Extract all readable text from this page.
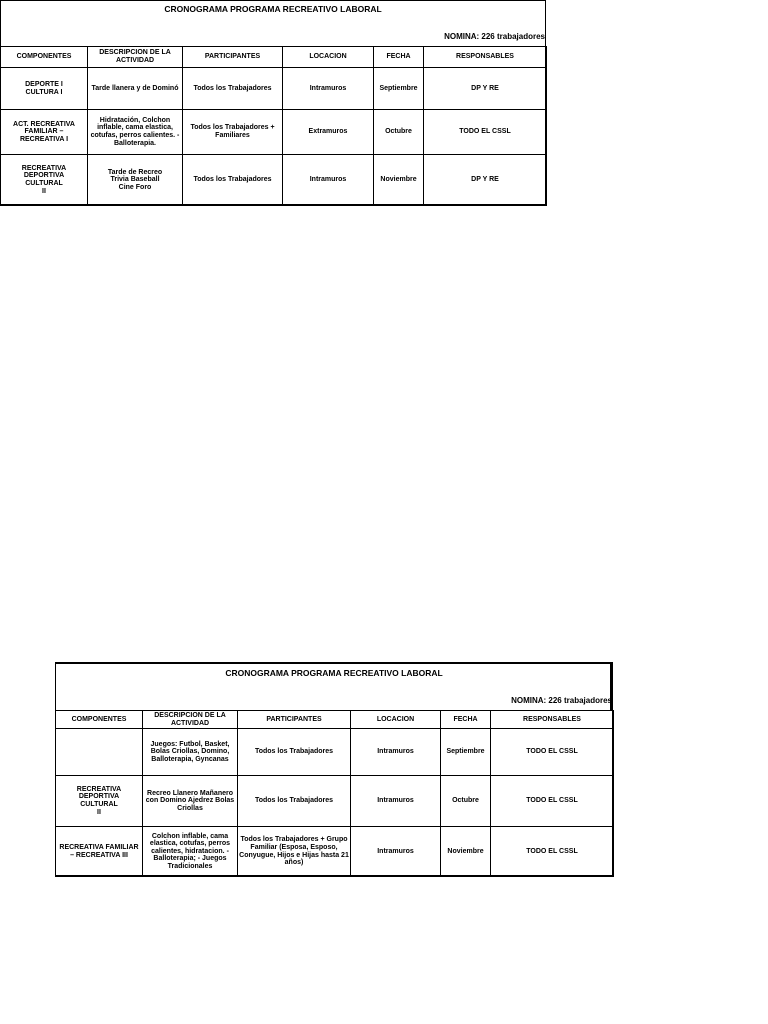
CRONOGRAMA PROGRAMA RECREATIVO LABORAL
NOMINA: 226 trabajadores
COMPONENTES	DESCRIPCION DE LA
ACTIVIDAD	PARTICIPANTES	LOCACION	FECHA	RESPONSABLES
DEPORTE I
CULTURA I	Tarde llanera y de Dominó	Todos los Trabajadores	Intramuros	Septiembre	DP Y RE
ACT. RECREATIVA
FAMILIAR –
RECREATIVA I	Hidratación, Colchon
inflable, cama elastica,
cotufas, perros calientes. -
Balloterapia.	Todos los Trabajadores +
Familiares	Extramuros	Octubre	TODO EL CSSL
RECREATIVA
DEPORTIVA
CULTURAL
II	Tarde de Recreo
Trivia Baseball
Cine Foro	Todos los Trabajadores	Intramuros	Noviembre	DP Y RE
CRONOGRAMA PROGRAMA RECREATIVO LABORAL
NOMINA: 226 trabajadores
COMPONENTES	DESCRIPCION DE LA
ACTIVIDAD	PARTICIPANTES	LOCACION	FECHA	RESPONSABLES
	Juegos: Futbol, Basket,
Bolas Criollas, Domino,
Balloterapia, Gyncanas	Todos los Trabajadores	Intramuros	Septiembre	TODO EL CSSL
RECREATIVA
DEPORTIVA
CULTURAL
II	Recreo Llanero Mañanero
con Domino Ajedrez Bolas
Criollas	Todos los Trabajadores	Intramuros	Octubre	TODO EL CSSL
RECREATIVA FAMILIAR
– RECREATIVA III	Colchon inflable, cama
elastica, cotufas, perros
calientes, hidratacion. -
Balloterapia; - Juegos
Tradicionales	Todos los Trabajadores + Grupo
Familiar (Esposa, Esposo,
Conyugue, Hijos e Hijas hasta 21
años)	Intramuros	Noviembre	TODO EL CSSL
